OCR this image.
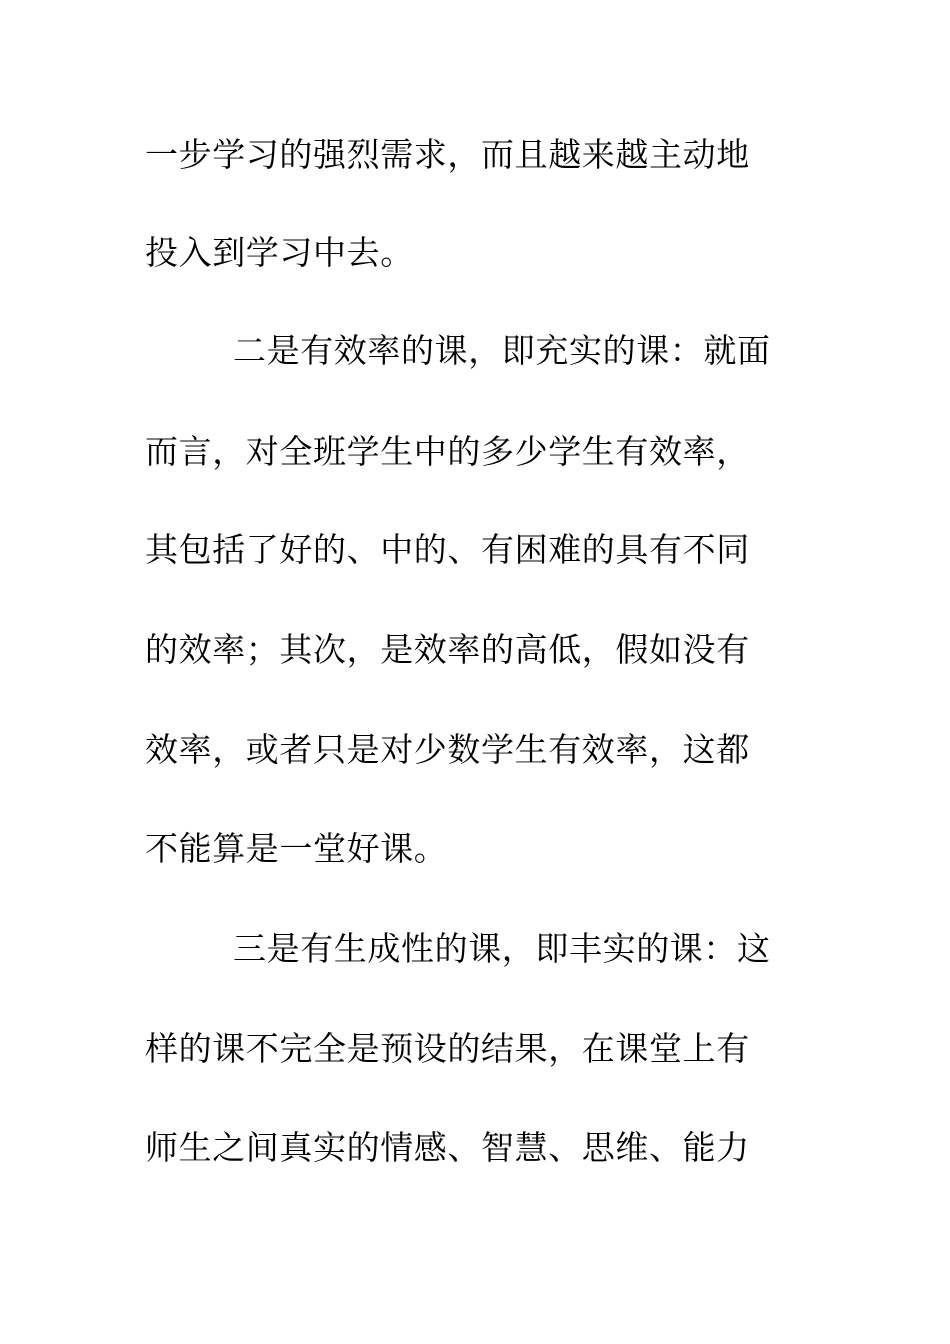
一步学习的强烈需求，而且越来越主动地
投入到学习中去。
二是有效率的课，即充实的课：就面
而言，对全班学生中的多少学生有效率，
其包括了好的、中的、有困难的具有不同
的效率；其次，是效率的高低，假如没有
效率，或者只是对少数学生有效率，这都
不能算是一堂好课。
三是有生成性的课，即丰实的课：这
样的课不完全是预设的结果，在课堂上有
师生之间真实的情感、智慧、思维、能力
